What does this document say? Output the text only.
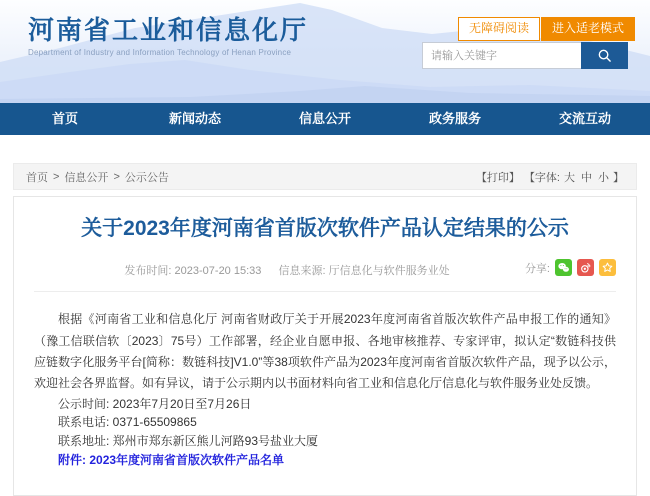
河南省工业和信息化厅
Department of Industry and Information Technology of Henan Province
无障碍阅读	进入适老模式
请输入关键字
首页	新闻动态	信息公开	政务服务	交流互动
首页 > 信息公开 > 公示公告	【打印】 【字体: 大 中 小 】
关于2023年度河南省首版次软件产品认定结果的公示
发布时间: 2023-07-20 15:33 信息来源: 厅信息化与软件服务业处	分享:

根据《河南省工业和信息化厅 河南省财政厅关于开展2023年度河南省首版次软件产品申报工作的通知》（豫工信联信软〔2023〕75号）工作部署，经企业自愿申报、各地审核推荐、专家评审，拟认定“数链科技供应链数字化服务平台[简称：数链科技]V1.0”等38项软件产品为2023年度河南省首版次软件产品，现予以公示，欢迎社会各界监督。如有异议，请于公示期内以书面材料向省工业和信息化厅信息化与软件服务业处反馈。

公示时间: 2023年7月20日至7月26日

联系电话: 0371-65509865

联系地址: 郑州市郑东新区熊儿河路93号盐业大厦

附件: 2023年度河南省首版次软件产品名单
